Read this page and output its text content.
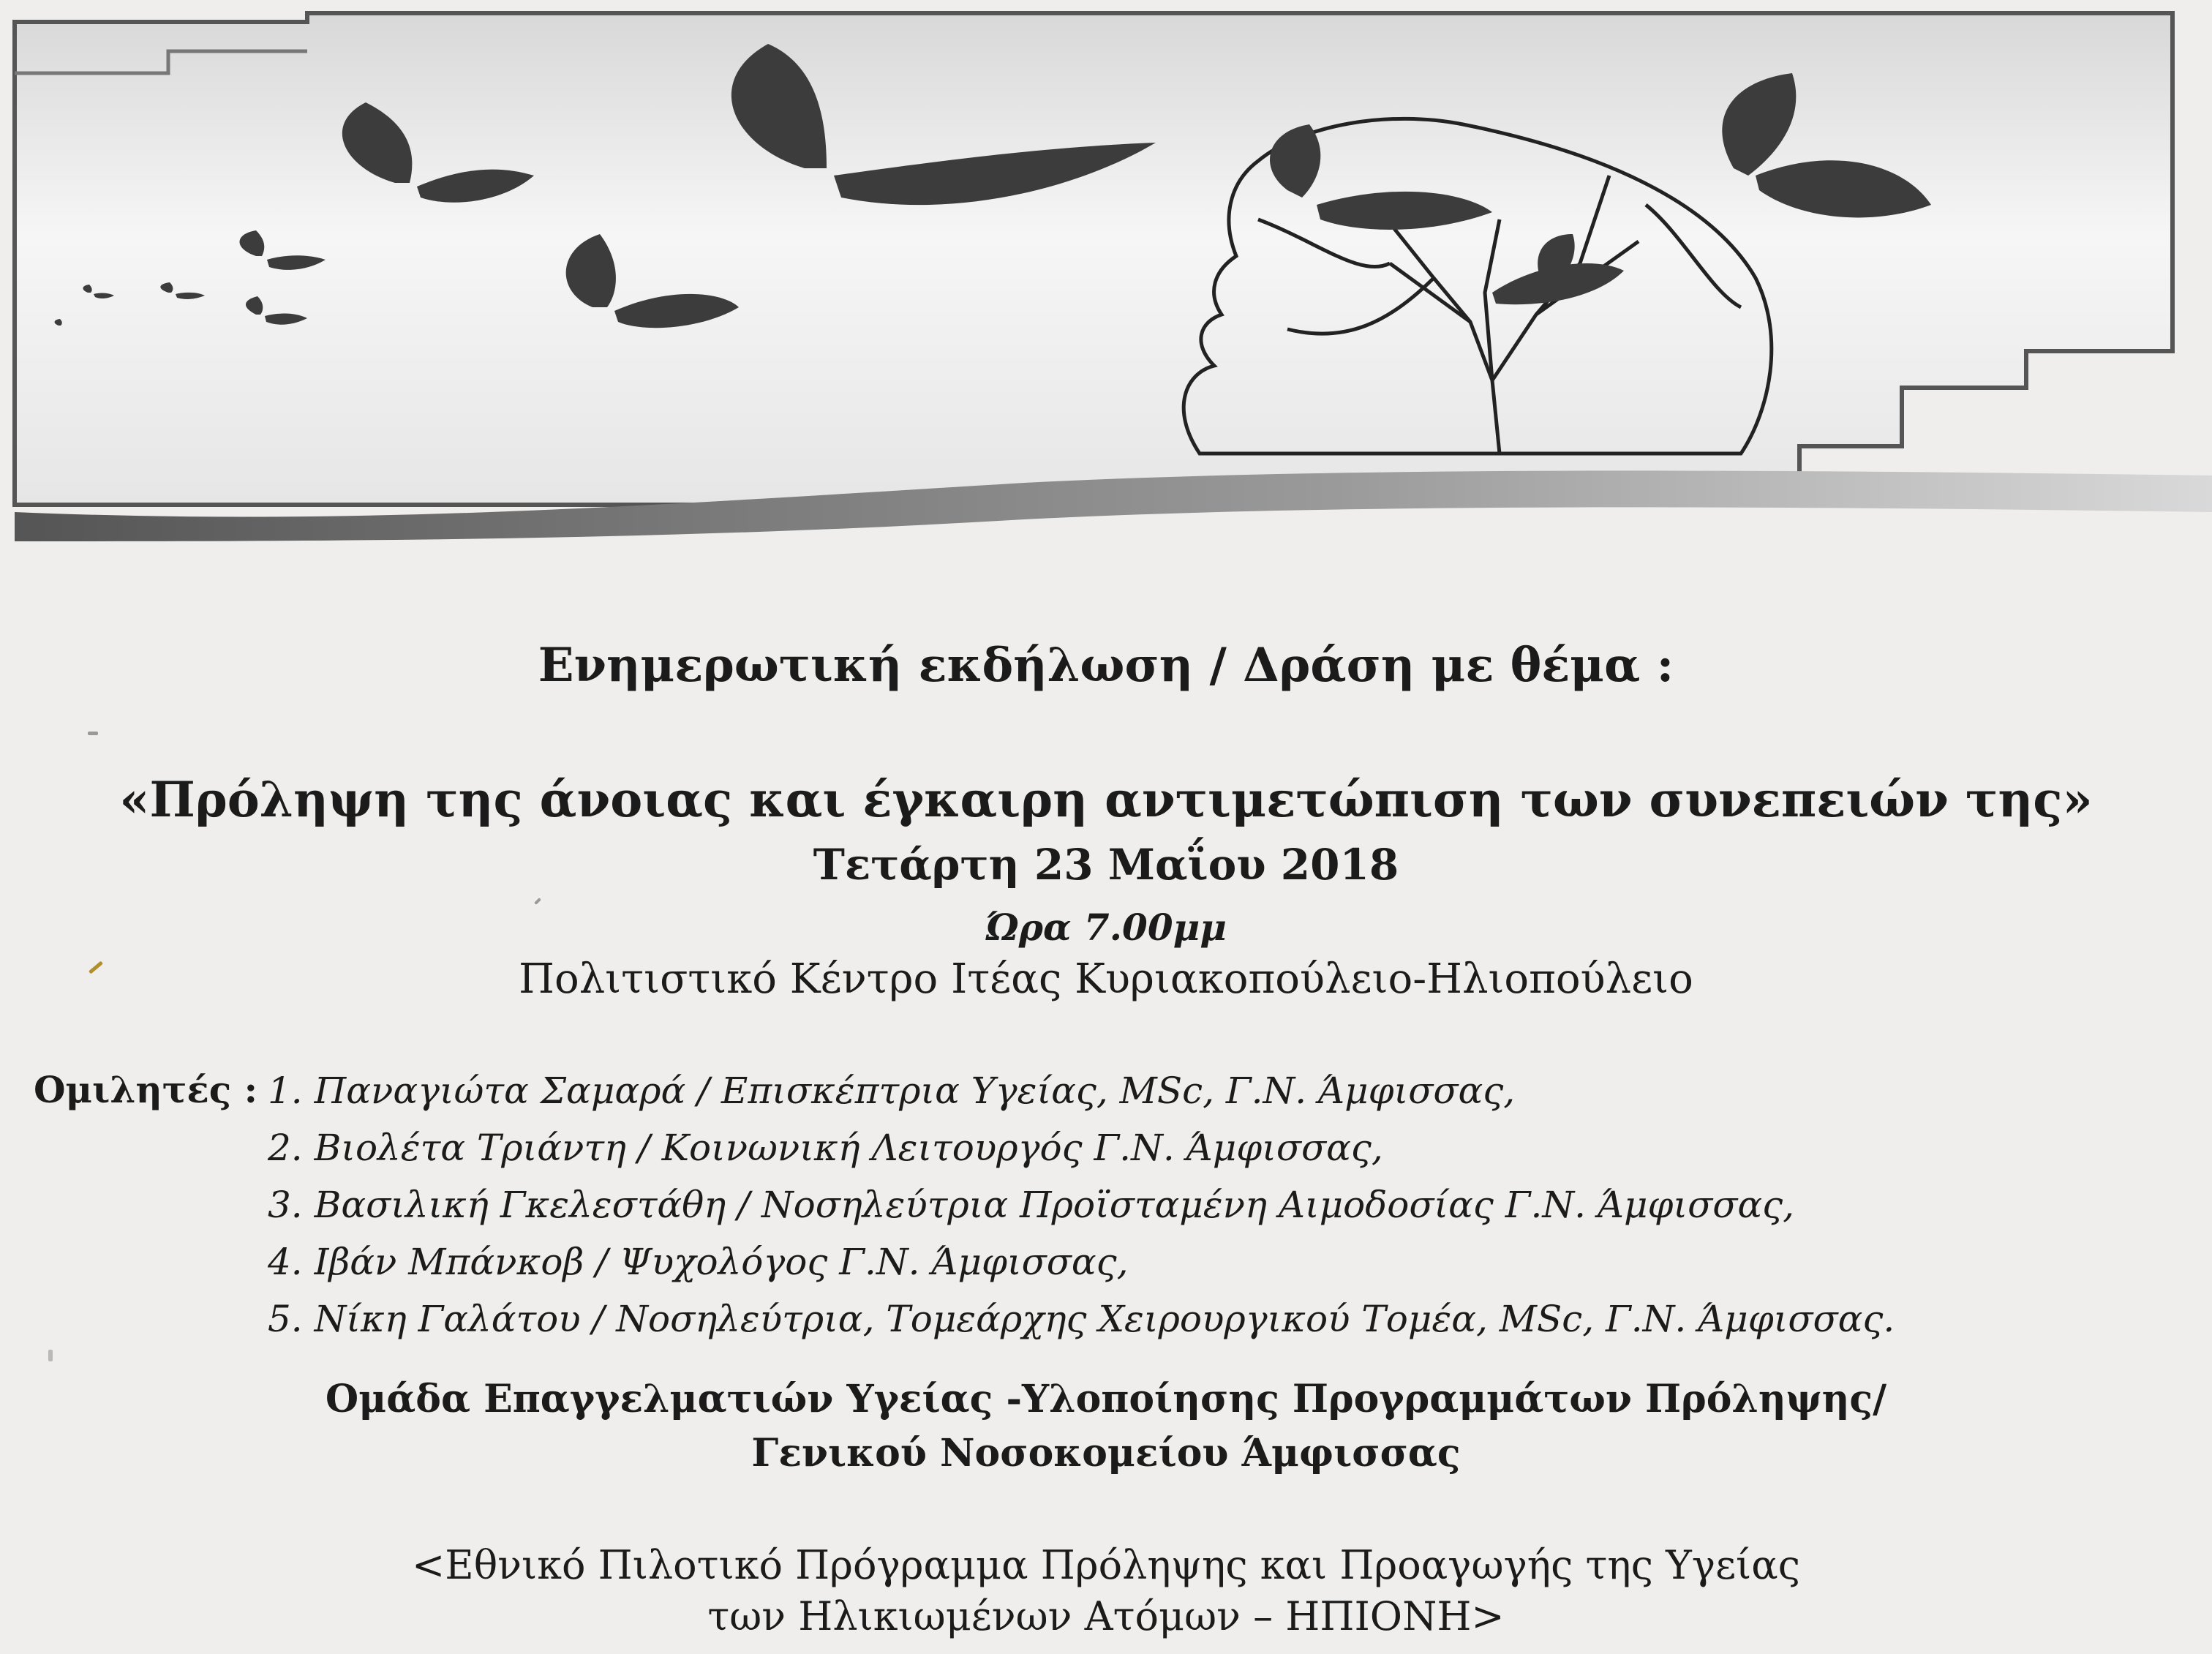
Ενημερωτική εκδήλωση / Δράση με θέμα :
«Πρόληψη της άνοιας και έγκαιρη αντιμετώπιση των συνεπειών της»
Τετάρτη 23 Μαΐου 2018
Ώρα 7.00μμ
Πολιτιστικό Κέντρο Ιτέας Κυριακοπούλειο-Ηλιοπούλειο
Ομιλητές : 1. Παναγιώτα Σαμαρά / Επισκέπτρια Υγείας, MSc, Γ.Ν. Άμφισσας,
2. Βιολέτα Τριάντη / Κοινωνική Λειτουργός Γ.Ν. Άμφισσας,
3. Βασιλική Γκελεστάθη / Νοσηλεύτρια Προϊσταμένη Αιμοδοσίας Γ.Ν. Άμφισσας,
4. Ιβάν Μπάνκοβ / Ψυχολόγος Γ.Ν. Άμφισσας,
5. Νίκη Γαλάτου / Νοσηλεύτρια, Τομεάρχης Χειρουργικού Τομέα, MSc, Γ.Ν. Άμφισσας.
Ομάδα Επαγγελματιών Υγείας -Υλοποίησης Προγραμμάτων Πρόληψης/
Γενικού Νοσοκομείου Άμφισσας
<Εθνικό Πιλοτικό Πρόγραμμα Πρόληψης και Προαγωγής της Υγείας
των Ηλικιωμένων Ατόμων – ΗΠΙΟΝΗ>
